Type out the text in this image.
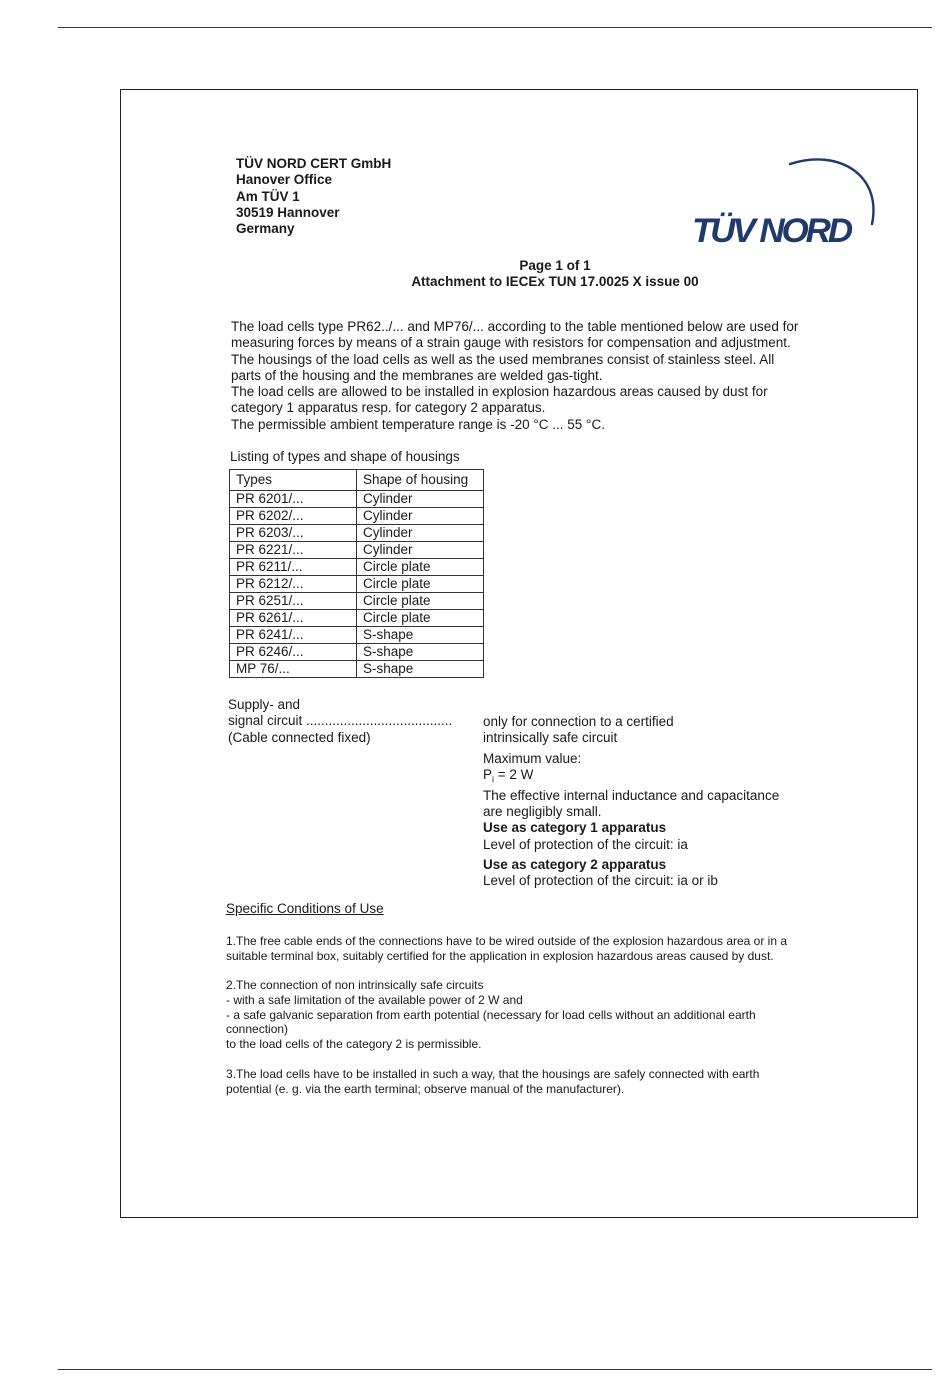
TÜV NORD CERT GmbH
Hanover Office
Am TÜV 1
30519 Hannover
Germany	TÜV NORD
Page 1 of 1
Attachment to IECEx TUN 17.0025 X issue 00
The load cells type PR62../... and MP76/... according to the table mentioned below are used for
measuring forces by means of a strain gauge with resistors for compensation and adjustment.
The housings of the load cells as well as the used membranes consist of stainless steel. All
parts of the housing and the membranes are welded gas-tight.
The load cells are allowed to be installed in explosion hazardous areas caused by dust for
category 1 apparatus resp. for category 2 apparatus.
The permissible ambient temperature range is -20 °C ... 55 °C.
Listing of types and shape of housings
Types	Shape of housing
PR 6201/...	Cylinder
PR 6202/...	Cylinder
PR 6203/...	Cylinder
PR 6221/...	Cylinder
PR 6211/...	Circle plate
PR 6212/...	Circle plate
PR 6251/...	Circle plate
PR 6261/...	Circle plate
PR 6241/...	S-shape
PR 6246/...	S-shape
MP 76/...	S-shape
Supply- and
signal circuit .......................................
(Cable connected fixed)
only for connection to a certified
intrinsically safe circuit
Maximum value:
$P_i = 2$ W
The effective internal inductance and capacitance
are negligibly small.
Use as category 1 apparatus
Level of protection of the circuit: ia
Use as category 2 apparatus
Level of protection of the circuit: ia or ib
Specific Conditions of Use
1.The free cable ends of the connections have to be wired outside of the explosion hazardous area or in a
suitable terminal box, suitably certified for the application in explosion hazardous areas caused by dust.
2.The connection of non intrinsically safe circuits
- with a safe limitation of the available power of 2 W and
- a safe galvanic separation from earth potential (necessary for load cells without an additional earth
connection)
to the load cells of the category 2 is permissible.
3.The load cells have to be installed in such a way, that the housings are safely connected with earth
potential (e. g. via the earth terminal; observe manual of the manufacturer).
